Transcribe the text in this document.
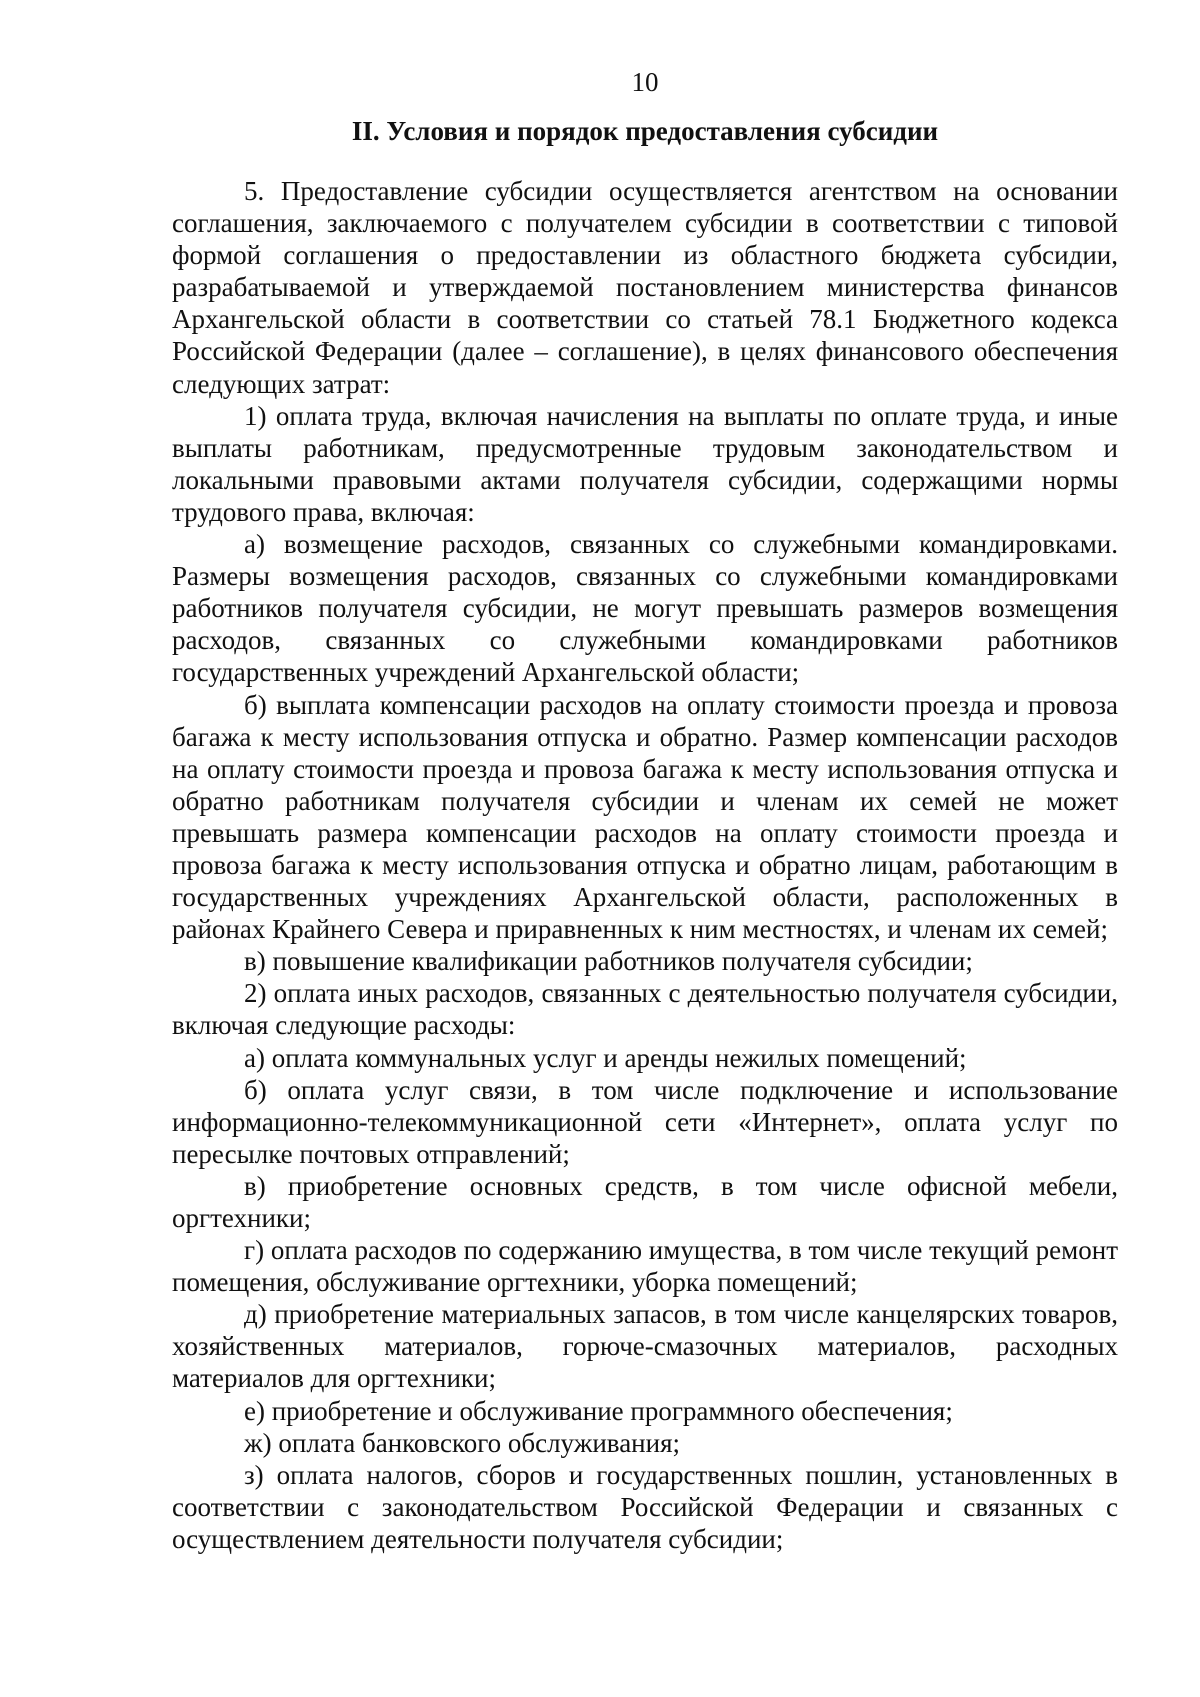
10
II. Условия и порядок предоставления субсидии

5. Предоставление субсидии осуществляется агентством на основании соглашения, заключаемого с получателем субсидии в соответствии с типовой формой соглашения о предоставлении из областного бюджета субсидии, разрабатываемой и утверждаемой постановлением министерства финансов Архангельской области в соответствии со статьей 78.1 Бюджетного кодекса Российской Федерации (далее – соглашение), в целях финансового обеспечения следующих затрат:

1) оплата труда, включая начисления на выплаты по оплате труда, и иные выплаты работникам, предусмотренные трудовым законодательством и локальными правовыми актами получателя субсидии, содержащими нормы трудового права, включая:

а) возмещение расходов, связанных со служебными командировками. Размеры возмещения расходов, связанных со служебными командировками работников получателя субсидии, не могут превышать размеров возмещения расходов, связанных со служебными командировками работников государственных учреждений Архангельской области;

б) выплата компенсации расходов на оплату стоимости проезда и провоза багажа к месту использования отпуска и обратно. Размер компенсации расходов на оплату стоимости проезда и провоза багажа к месту использования отпуска и обратно работникам получателя субсидии и членам их семей не может превышать размера компенсации расходов на оплату стоимости проезда и провоза багажа к месту использования отпуска и обратно лицам, работающим в государственных учреждениях Архангельской области, расположенных в районах Крайнего Севера и приравненных к ним местностях, и членам их семей;

в) повышение квалификации работников получателя субсидии;

2) оплата иных расходов, связанных с деятельностью получателя субсидии, включая следующие расходы:

а) оплата коммунальных услуг и аренды нежилых помещений;

б) оплата услуг связи, в том числе подключение и использование информационно-телекоммуникационной сети «Интернет», оплата услуг по пересылке почтовых отправлений;

в) приобретение основных средств, в том числе офисной мебели, оргтехники;

г) оплата расходов по содержанию имущества, в том числе текущий ремонт помещения, обслуживание оргтехники, уборка помещений;

д) приобретение материальных запасов, в том числе канцелярских товаров, хозяйственных материалов, горюче-смазочных материалов, расходных материалов для оргтехники;

е) приобретение и обслуживание программного обеспечения;

ж) оплата банковского обслуживания;

з) оплата налогов, сборов и государственных пошлин, установленных в соответствии с законодательством Российской Федерации и связанных с осуществлением деятельности получателя субсидии;
